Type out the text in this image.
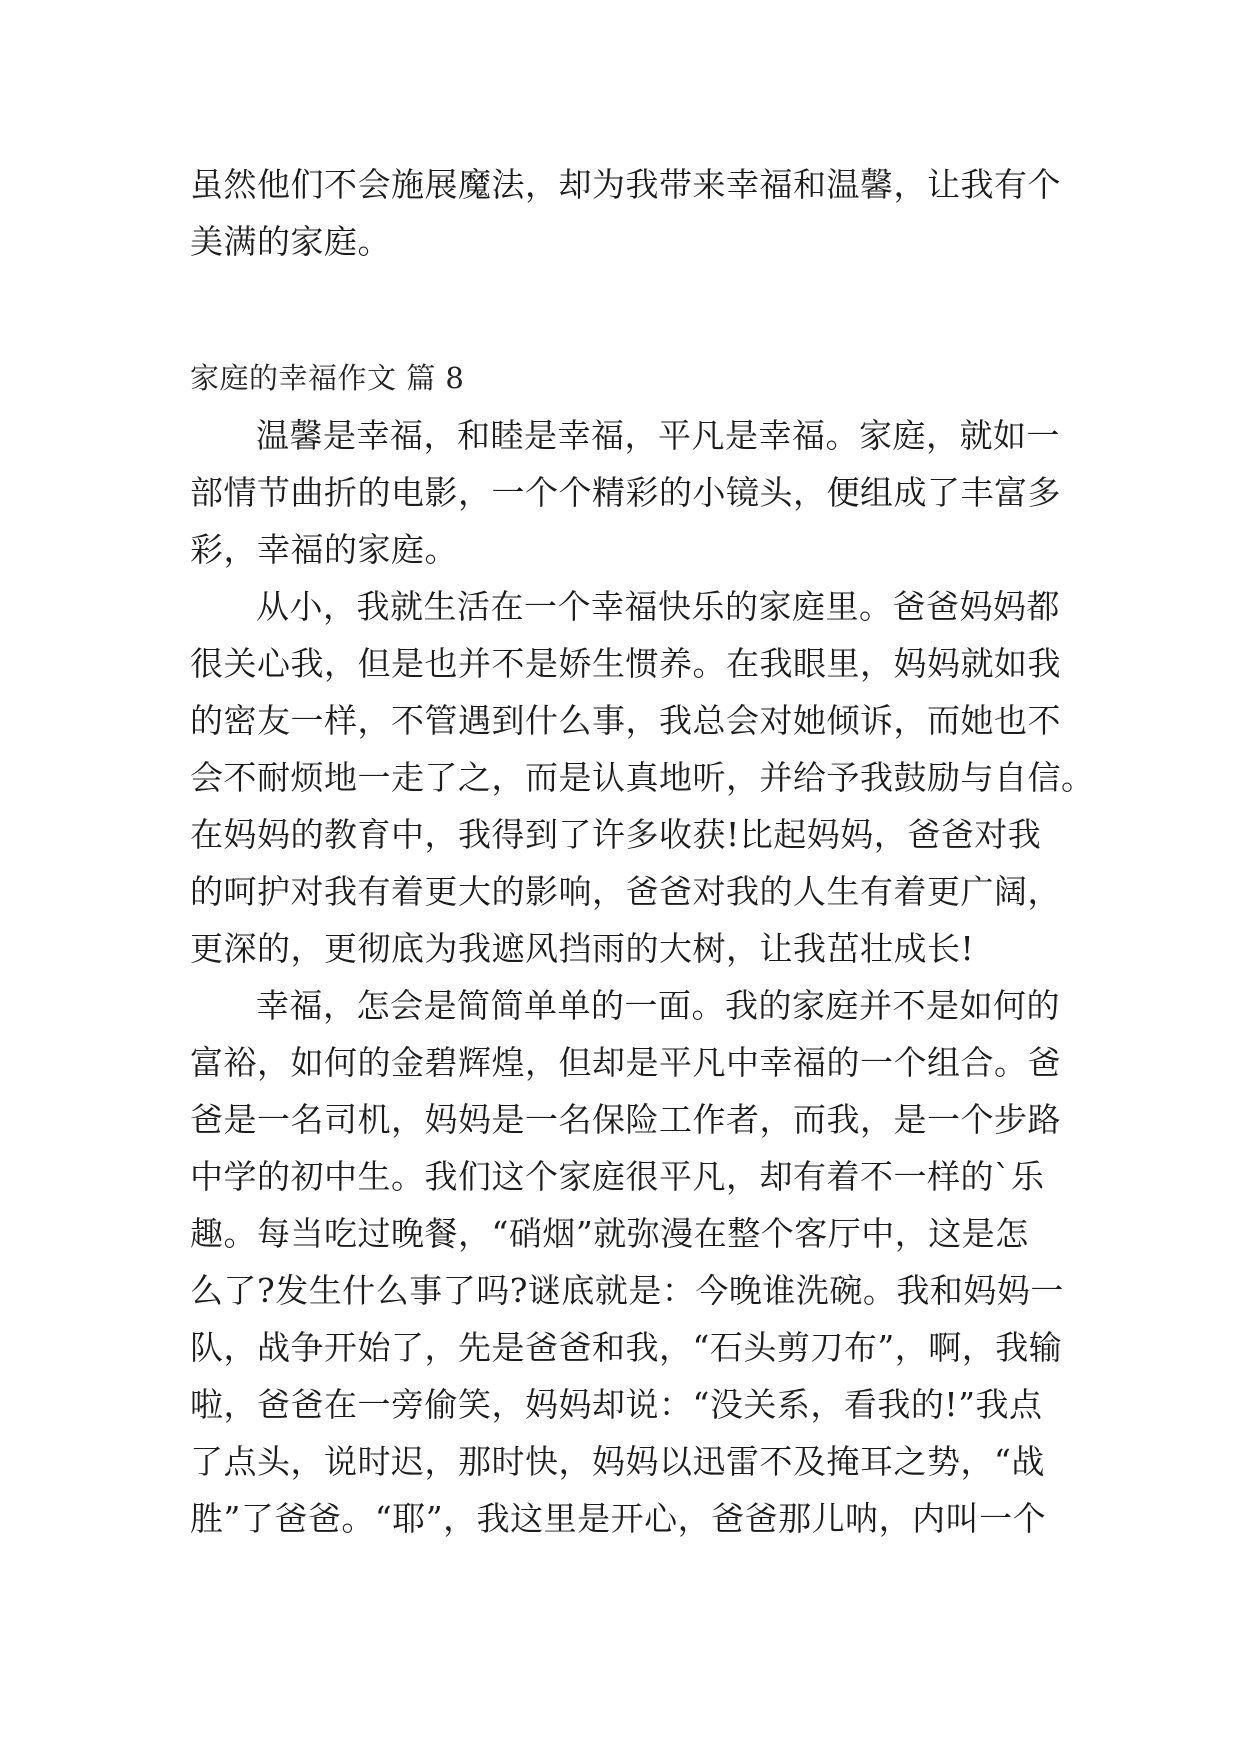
虽然他们不会施展魔法，却为我带来幸福和温馨，让我有个
美满的家庭。
家庭的幸福作文 篇 8
温馨是幸福，和睦是幸福，平凡是幸福。家庭，就如一
部情节曲折的电影，一个个精彩的小镜头，便组成了丰富多
彩，幸福的家庭。
从小，我就生活在一个幸福快乐的家庭里。爸爸妈妈都
很关心我，但是也并不是娇生惯养。在我眼里，妈妈就如我
的密友一样，不管遇到什么事，我总会对她倾诉，而她也不
会不耐烦地一走了之，而是认真地听，并给予我鼓励与自信。
在妈妈的教育中，我得到了许多收获!比起妈妈，爸爸对我
的呵护对我有着更大的影响，爸爸对我的人生有着更广阔，
更深的，更彻底为我遮风挡雨的大树，让我茁壮成长!
幸福，怎会是简简单单的一面。我的家庭并不是如何的
富裕，如何的金碧辉煌，但却是平凡中幸福的一个组合。爸
爸是一名司机，妈妈是一名保险工作者，而我，是一个步路
中学的初中生。我们这个家庭很平凡，却有着不一样的`乐
趣。每当吃过晚餐，“硝烟”就弥漫在整个客厅中，这是怎
么了?发生什么事了吗?谜底就是：今晚谁洗碗。我和妈妈一
队，战争开始了，先是爸爸和我，“石头剪刀布”，啊，我输
啦，爸爸在一旁偷笑，妈妈却说：“没关系，看我的!”我点
了点头，说时迟，那时快，妈妈以迅雷不及掩耳之势，“战
胜”了爸爸。“耶”，我这里是开心，爸爸那儿呐，内叫一个
